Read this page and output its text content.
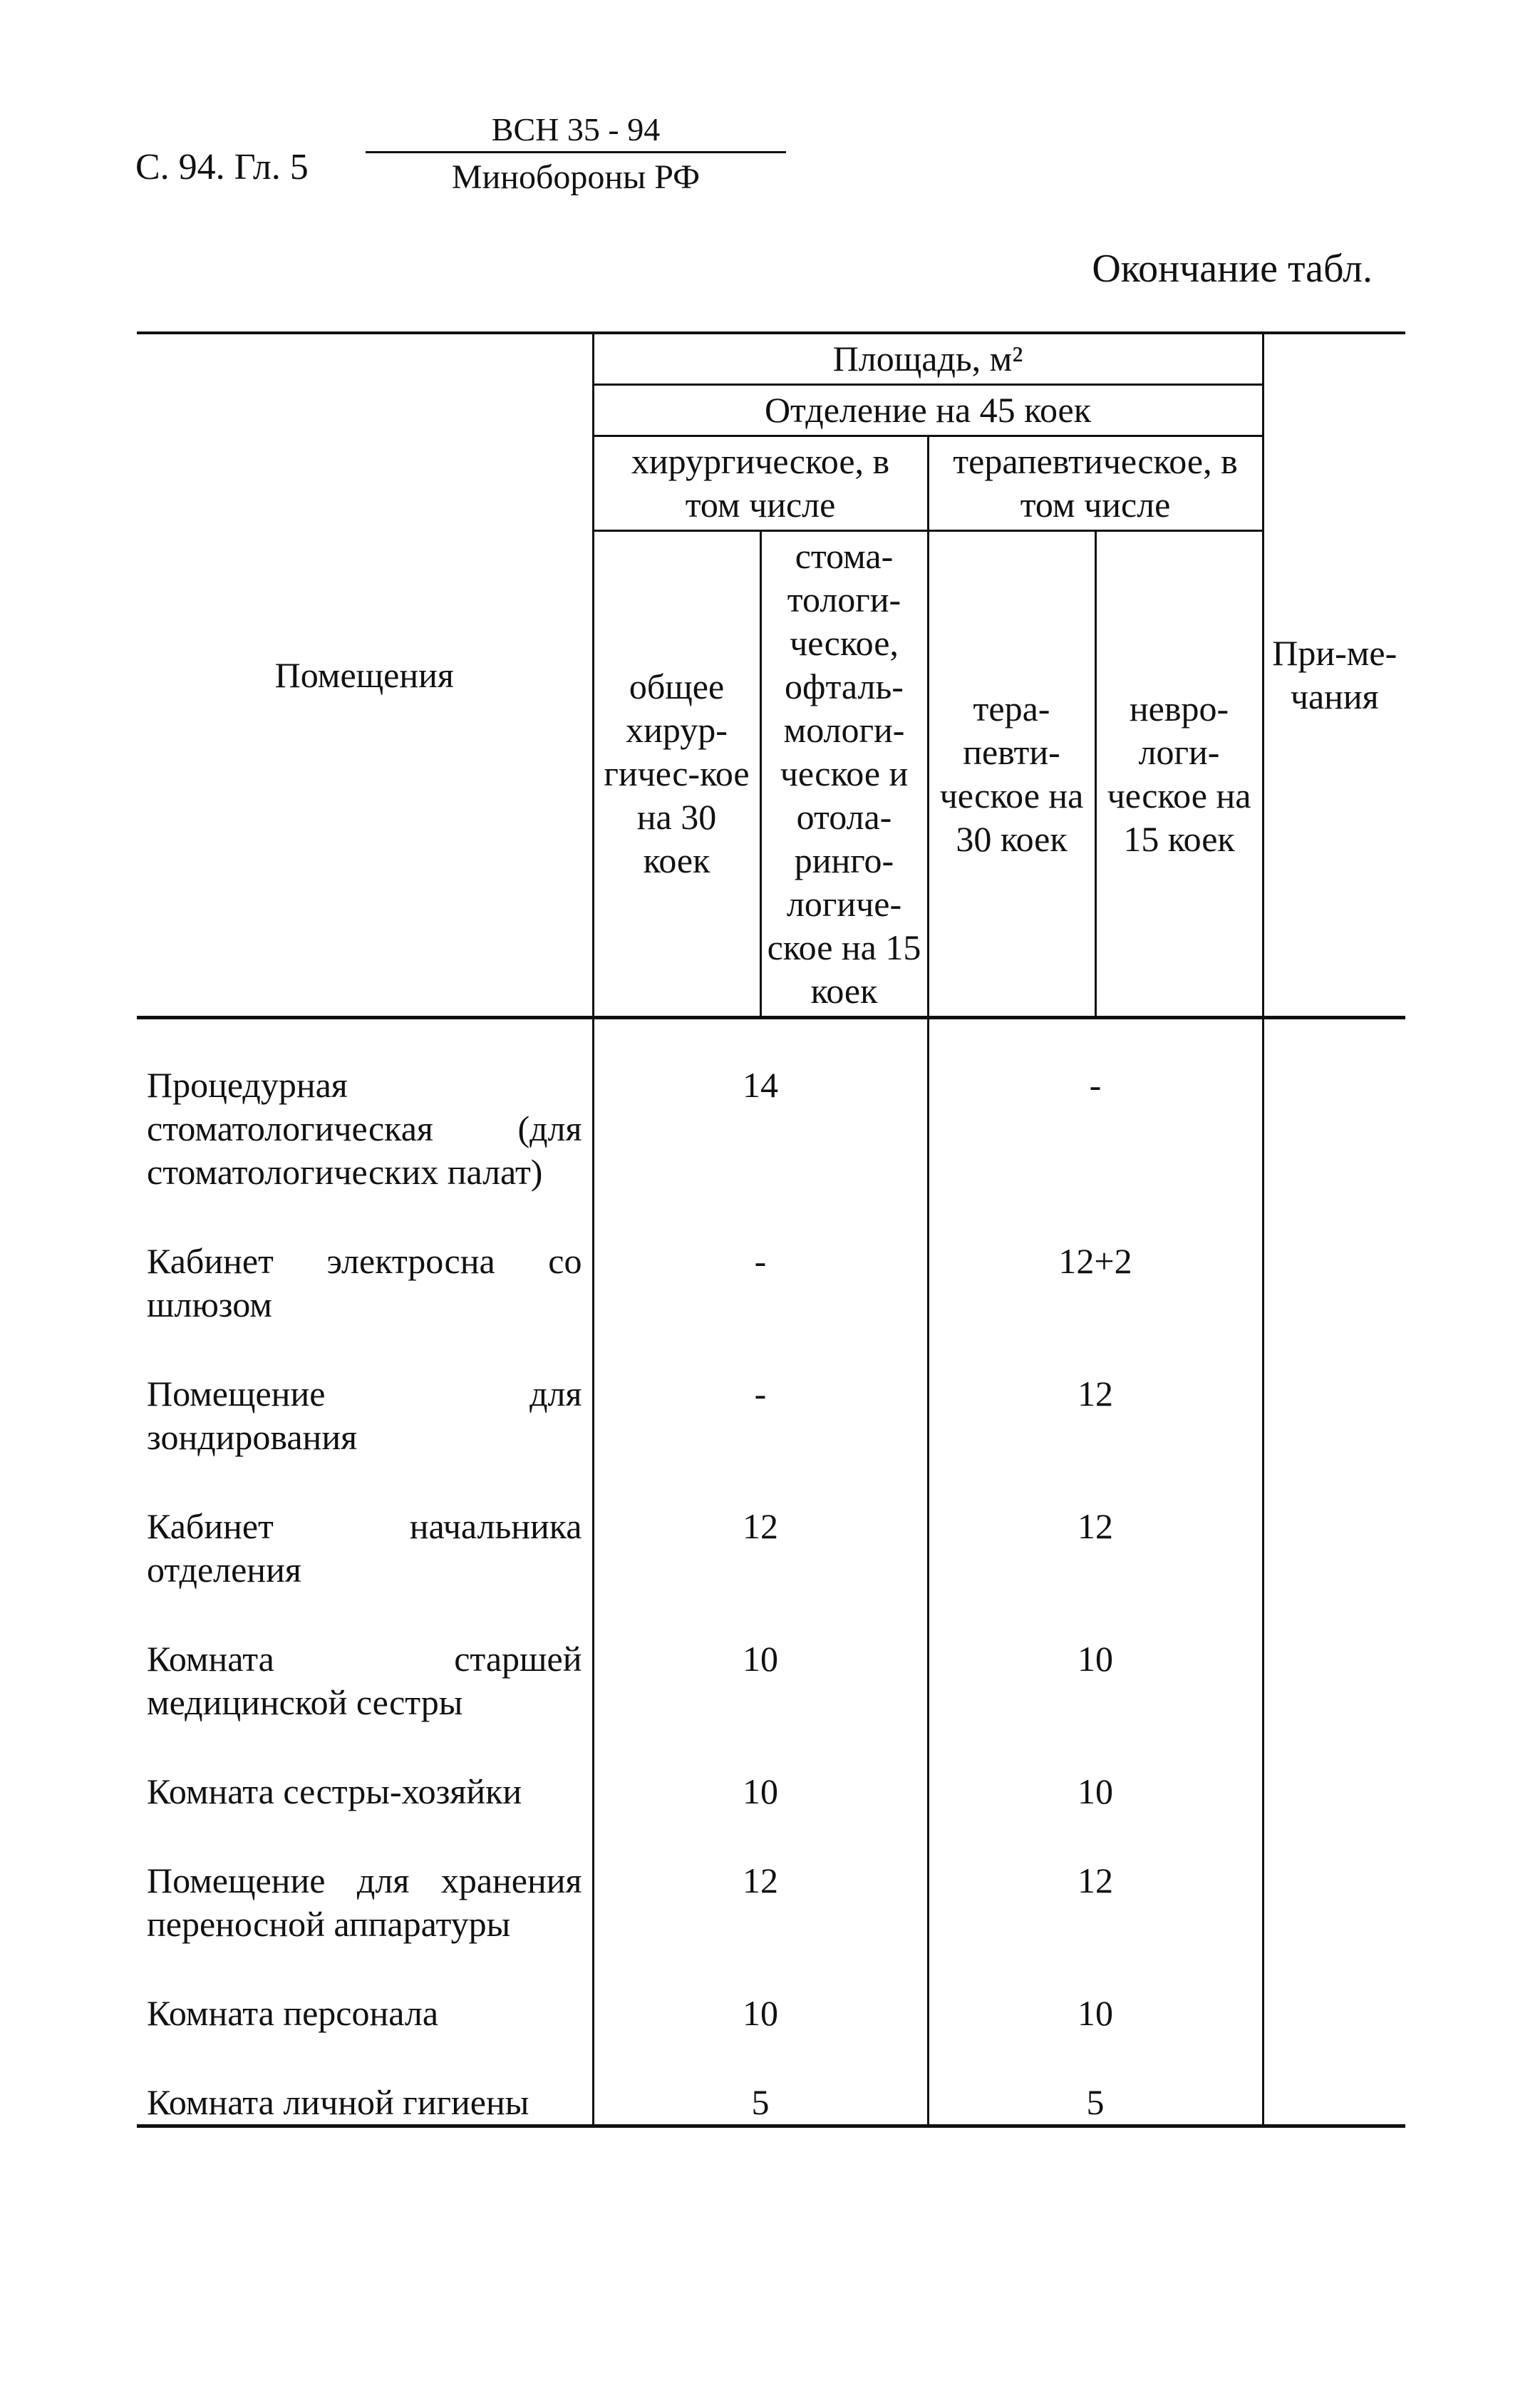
С. 94. Гл. 5
ВСН 35 - 94
Минобороны РФ
Окончание табл.
Помещения	Площадь, м²				При-ме-чания
	Отделение на 45 коек				
	хирургическое, в том числе		терапевтическое, в том числе		
	общее хирур-гичес-кое на 30 коек	стома-тологи-ческое, офталь-мологи-ческое и отола-ринго-логиче-ское на 15 коек	тера-певти-ческое на 30 коек	невро-логи-ческое на 15 коек	
Процедурная стоматологическая (для стоматологических палат)	14		-		
Кабинет электросна со шлюзом	-		12+2		
Помещение для зондирования	-		12		
Кабинет начальника отделения	12		12		
Комната старшей медицинской сестры	10		10		
Комната сестры-хозяйки	10		10		
Помещение для хранения переносной аппаратуры	12		12		
Комната персонала	10		10		
Комната личной гигиены	5		5		
